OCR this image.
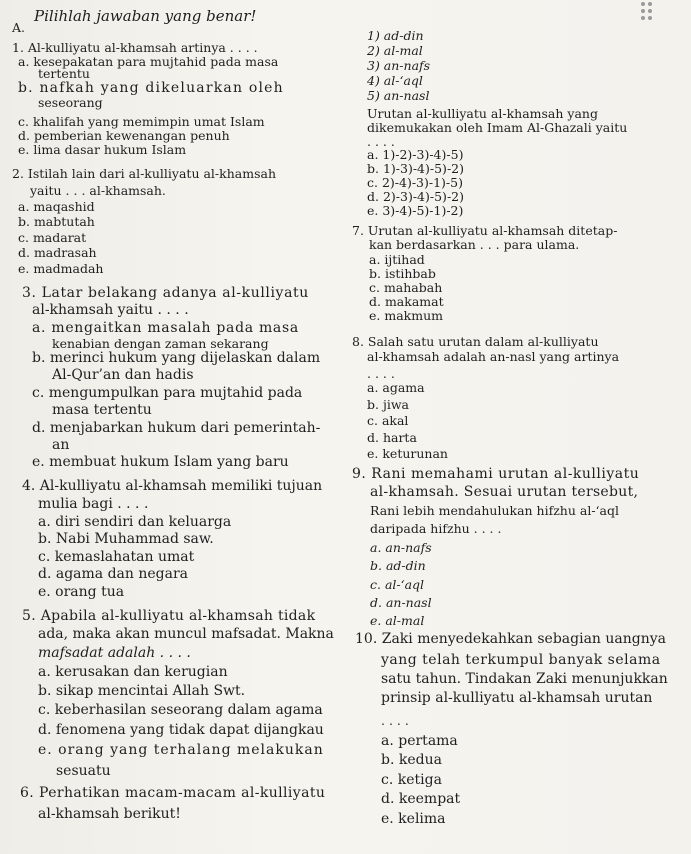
A.
Pilihlah jawaban yang benar!
1. Al-kulliyatu al-khamsah artinya . . . .
a. kesepakatan para mujtahid pada masa
tertentu
b. nafkah yang dikeluarkan oleh
seseorang
c. khalifah yang memimpin umat Islam
d. pemberian kewenangan penuh
e. lima dasar hukum Islam
2. Istilah lain dari al-kulliyatu al-khamsah
yaitu . . . al-khamsah.
a. maqashid
b. mabtutah
c. madarat
d. madrasah
e. madmadah
3. Latar belakang adanya al-kulliyatu
al-khamsah yaitu . . . .
a. mengaitkan masalah pada masa
kenabian dengan zaman sekarang
b. merinci hukum yang dijelaskan dalam
Al-Qur’an dan hadis
c. mengumpulkan para mujtahid pada
masa tertentu
d. menjabarkan hukum dari pemerintah-
an
e. membuat hukum Islam yang baru
4. Al-kulliyatu al-khamsah memiliki tujuan
mulia bagi . . . .
a. diri sendiri dan keluarga
b. Nabi Muhammad saw.
c. kemaslahatan umat
d. agama dan negara
e. orang tua
5. Apabila al-kulliyatu al-khamsah tidak
ada, maka akan muncul mafsadat. Makna
mafsadat adalah . . . .
a. kerusakan dan kerugian
b. sikap mencintai Allah Swt.
c. keberhasilan seseorang dalam agama
d. fenomena yang tidak dapat dijangkau
e. orang yang terhalang melakukan
sesuatu
6. Perhatikan macam-macam al-kulliyatu
al-khamsah berikut!
1) ad-din
2) al-mal
3) an-nafs
4) al-‘aql
5) an-nasl
Urutan al-kulliyatu al-khamsah yang
dikemukakan oleh Imam Al-Ghazali yaitu
. . . .
a. 1)-2)-3)-4)-5)
b. 1)-3)-4)-5)-2)
c. 2)-4)-3)-1)-5)
d. 2)-3)-4)-5)-2)
e. 3)-4)-5)-1)-2)
7. Urutan al-kulliyatu al-khamsah ditetap-
kan berdasarkan . . . para ulama.
a. ijtihad
b. istihbab
c. mahabah
d. makamat
e. makmum
8. Salah satu urutan dalam al-kulliyatu
al-khamsah adalah an-nasl yang artinya
. . . .
a. agama
b. jiwa
c. akal
d. harta
e. keturunan
9. Rani memahami urutan al-kulliyatu
al-khamsah. Sesuai urutan tersebut,
Rani lebih mendahulukan hifzhu al-‘aql
daripada hifzhu . . . .
a. an-nafs
b. ad-din
c. al-‘aql
d. an-nasl
e. al-mal
10. Zaki menyedekahkan sebagian uangnya
yang telah terkumpul banyak selama
satu tahun. Tindakan Zaki menunjukkan
prinsip al-kulliyatu al-khamsah urutan
. . . .
a. pertama
b. kedua
c. ketiga
d. keempat
e. kelima
